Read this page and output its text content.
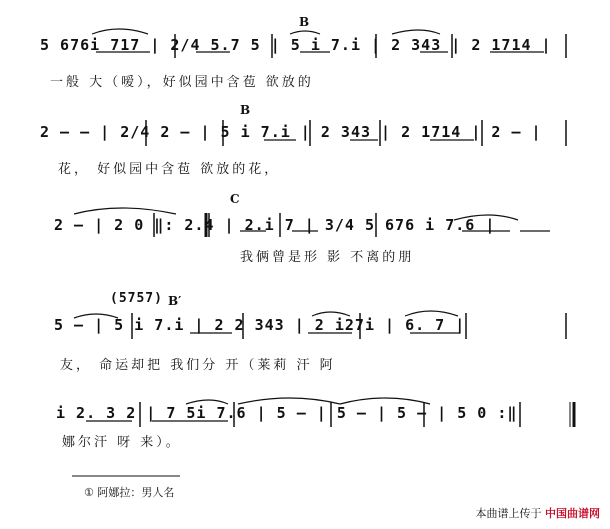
B
5 676i 717 | 2/4 5.7 5 | 5 i 7.i | 2 343 | 2 1714 |
一般 大（嗳），好似园中含苞 欲放的
B
2 – – | 2/4 2 – | 5 i 7.i | 2 343 | 2 1714 | 2 – |
花， 好似园中含苞 欲放的花，
C
2 – | 2 0 ‖: 2.4 | 2.i 7 | 3/4 5 676 i 7.6 |
我俩曾是形 影 不离的朋
(5757) B′
5 – | 5 i 7.i | 2 2 343 | 2 i27i | 6. 7 |
友， 命运却把 我们分 开（莱莉 汗 阿
i 2. 3 2 | 7 5i 7.6 | 5 – | 5 – | 5 – | 5 0 :‖
娜尔汗 呀 来）。
① 阿娜拉：男人名
本曲谱上传于 中国曲谱网
